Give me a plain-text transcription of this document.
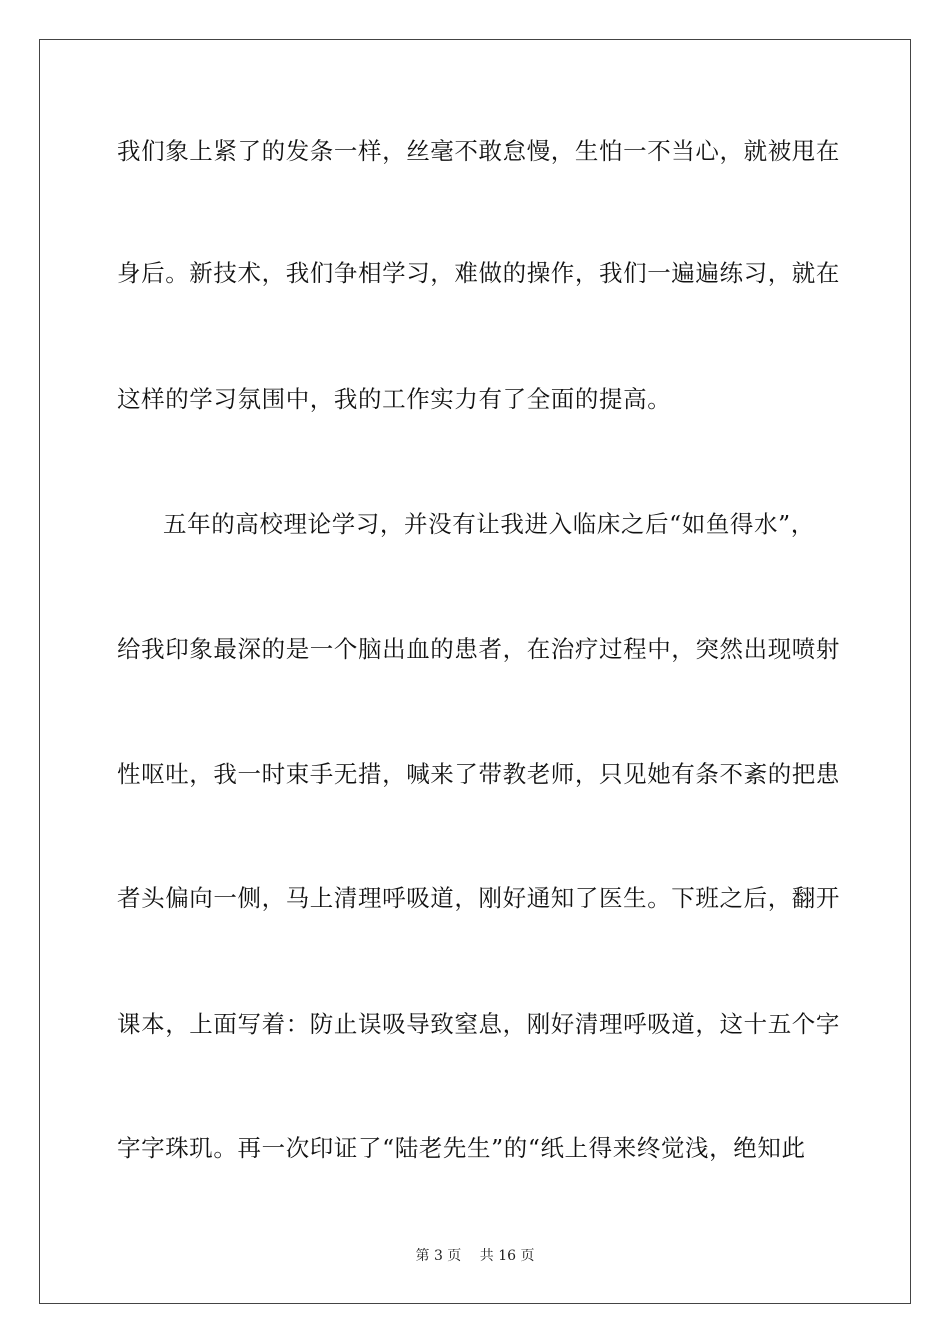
我们象上紧了的发条一样，丝毫不敢怠慢，生怕一不当心，就被甩在
身后。新技术，我们争相学习，难做的操作，我们一遍遍练习，就在
这样的学习氛围中，我的工作实力有了全面的提高。
五年的高校理论学习，并没有让我进入临床之后“如鱼得水”，
给我印象最深的是一个脑出血的患者，在治疗过程中，突然出现喷射
性呕吐，我一时束手无措，喊来了带教老师，只见她有条不紊的把患
者头偏向一侧，马上清理呼吸道，刚好通知了医生。下班之后，翻开
课本，上面写着：防止误吸导致窒息，刚好清理呼吸道，这十五个字
字字珠玑。再一次印证了“陆老先生”的“纸上得来终觉浅，绝知此
第 3 页 共 16 页
